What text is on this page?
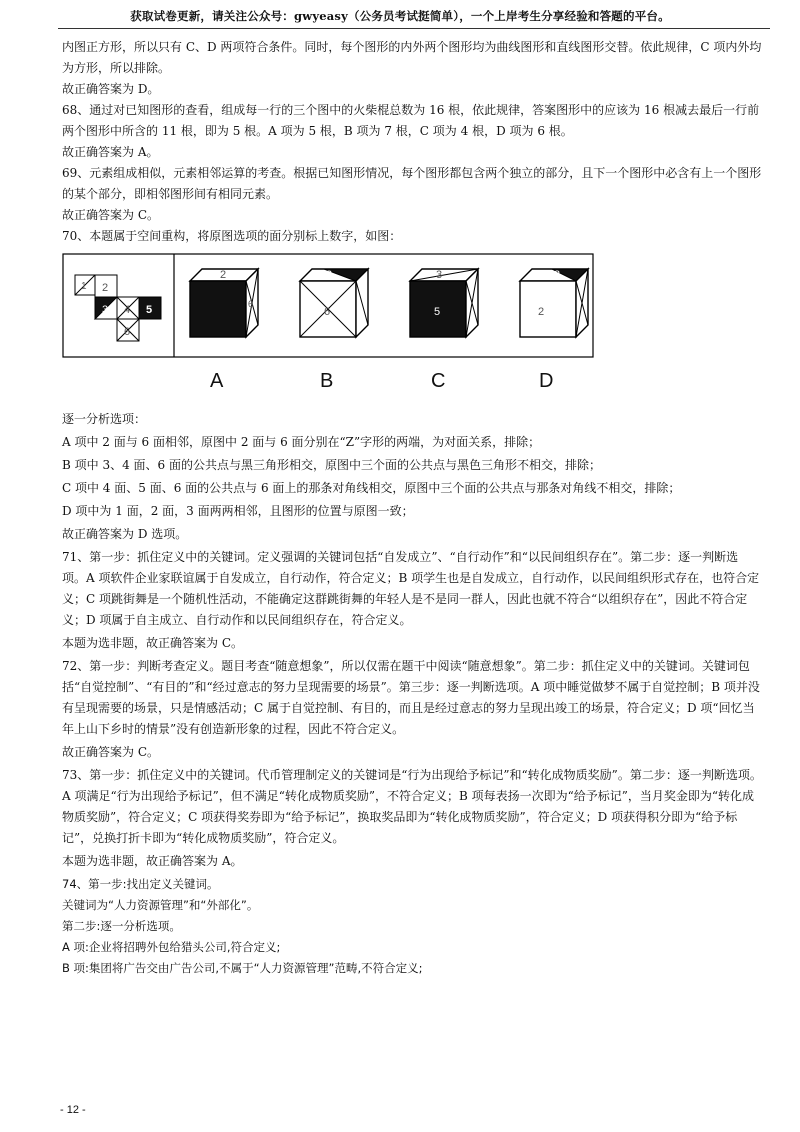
获取试卷更新，请关注公众号：gwyeasy（公务员考试挺简单），一个上岸考生分享经验和答题的平台。

内图正方形，所以只有 C、D 两项符合条件。同时，每个图形的内外两个图形均为曲线图形和直线图形交替。依此规律，C 项内外均为方形，所以排除。

故正确答案为 D。

68、通过对已知图形的查看，组成每一行的三个图中的火柴棍总数为 16 根，依此规律，答案图形中的应该为 16 根减去最后一行前两个图形中所含的 11 根，即为 5 根。A 项为 5 根，B 项为 7 根，C 项为 4 根，D 项为 6 根。

故正确答案为 A。

69、元素组成相似，元素相邻运算的考查。根据已知图形情况，每个图形都包含两个独立的部分，且下一个图形中必含有上一个图形的某个部分，即相邻图形间有相同元素。

故正确答案为 C。

70、本题属于空间重构，将原图选项的面分别标上数字，如图：

1 2
3 4 5
6
2
6
3
6
3
5
3
2
A	B	C	D

逐一分析选项：

A 项中 2 面与 6 面相邻，原图中 2 面与 6 面分别在“Z”字形的两端，为对面关系，排除；

B 项中 3、4 面、6 面的公共点与黑三角形相交，原图中三个面的公共点与黑色三角形不相交，排除；

C 项中 4 面、5 面、6 面的公共点与 6 面上的那条对角线相交，原图中三个面的公共点与那条对角线不相交，排除；

D 项中为 1 面，2 面，3 面两两相邻，且图形的位置与原图一致；

故正确答案为 D 选项。

71、第一步：抓住定义中的关键词。定义强调的关键词包括“自发成立”、“自行动作”和“以民间组织存在”。第二步：逐一判断选项。A 项软件企业家联谊属于自发成立，自行动作，符合定义；B 项学生也是自发成立，自行动作，以民间组织形式存在，也符合定义；C 项跳街舞是一个随机性活动，不能确定这群跳街舞的年轻人是不是同一群人，因此也就不符合“以组织存在”，因此不符合定义；D 项属于自主成立、自行动作和以民间组织存在，符合定义。

本题为选非题，故正确答案为 C。

72、第一步：判断考查定义。题目考查“随意想象”，所以仅需在题干中阅读“随意想象”。第二步：抓住定义中的关键词。关键词包括“自觉控制”、“有目的”和“经过意志的努力呈现需要的场景”。第三步：逐一判断选项。A 项中睡觉做梦不属于自觉控制；B 项并没有呈现需要的场景，只是情感活动；C 属于自觉控制、有目的，而且是经过意志的努力呈现出竣工的场景，符合定义；D 项“回忆当年上山下乡时的情景”没有创造新形象的过程，因此不符合定义。

故正确答案为 C。

73、第一步：抓住定义中的关键词。代币管理制定义的关键词是“行为出现给予标记”和“转化成物质奖励”。第二步：逐一判断选项。A 项满足“行为出现给予标记”，但不满足“转化成物质奖励”，不符合定义；B 项每表扬一次即为“给予标记”，当月奖金即为“转化成物质奖励”，符合定义；C 项获得奖券即为“给予标记”，换取奖品即为“转化成物质奖励”，符合定义；D 项获得积分即为“给予标记”，兑换打折卡即为“转化成物质奖励”，符合定义。

本题为选非题，故正确答案为 A。

74、第一步:找出定义关键词。

关键词为“人力资源管理”和“外部化”。

第二步:逐一分析选项。

A 项:企业将招聘外包给猎头公司,符合定义;

B 项:集团将广告交由广告公司,不属于“人力资源管理”范畴,不符合定义;

- 12 -
